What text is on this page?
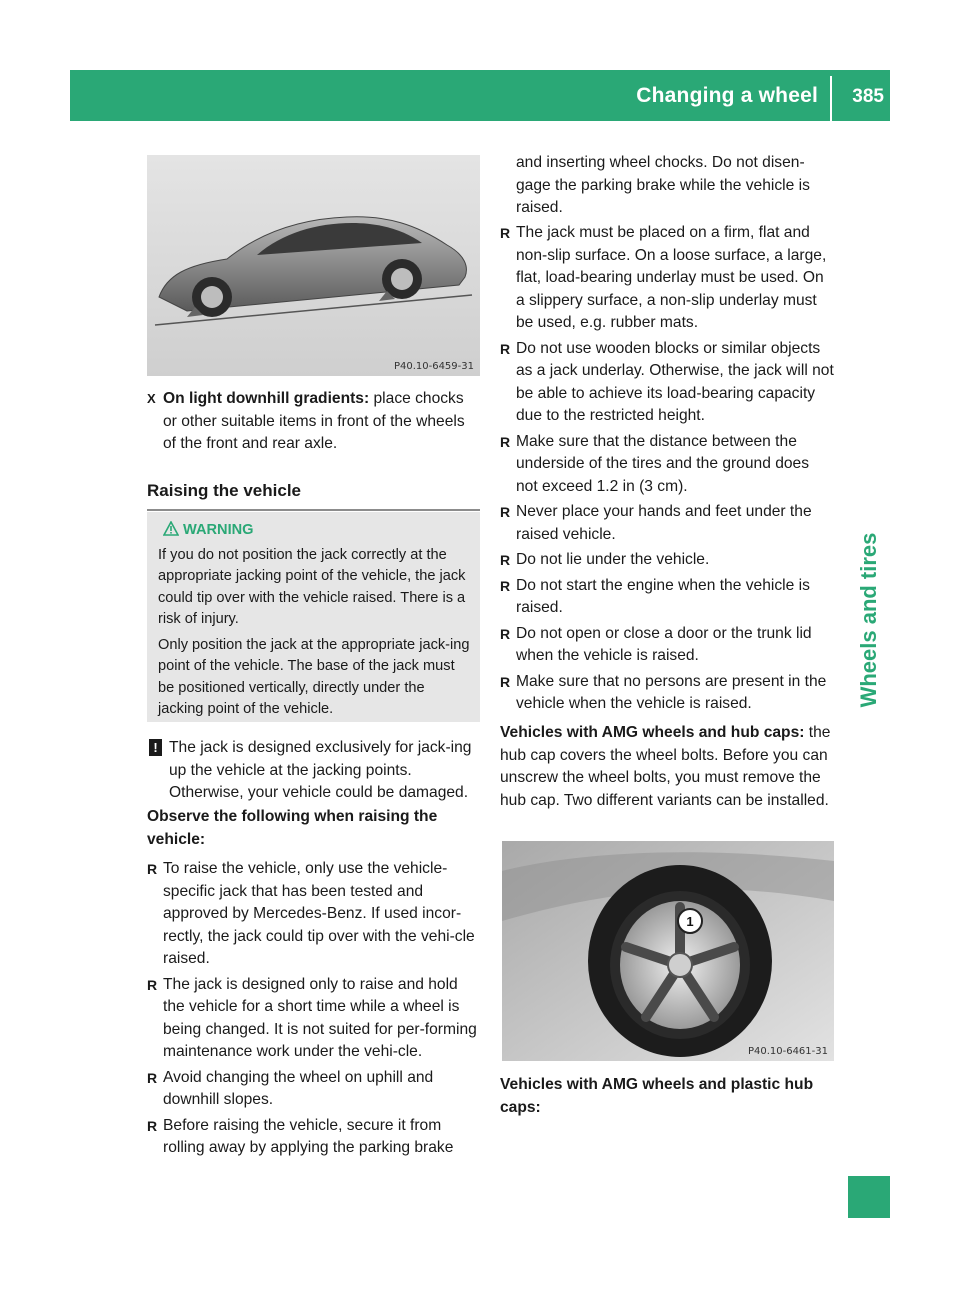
Changing a wheel 385
Wheels and tires
P40.10-6459-31
X On light downhill gradients: place chocks or other suitable items in front of the wheels of the front and rear axle.
Raising the vehicle
WARNING

If you do not position the jack correctly at the appropriate jacking point of the vehicle, the jack could tip over with the vehicle raised. There is a risk of injury.

Only position the jack at the appropriate jack-ing point of the vehicle. The base of the jack must be positioned vertically, directly under the jacking point of the vehicle.

! The jack is designed exclusively for jack-ing up the vehicle at the jacking points. Otherwise, your vehicle could be damaged.
Observe the following when raising the vehicle:
R To raise the vehicle, only use the vehicle-specific jack that has been tested and approved by Mercedes-Benz. If used incor-rectly, the jack could tip over with the vehi-cle raised.
R The jack is designed only to raise and hold the vehicle for a short time while a wheel is being changed. It is not suited for per-forming maintenance work under the vehi-cle.
R Avoid changing the wheel on uphill and downhill slopes.
R Before raising the vehicle, secure it from rolling away by applying the parking brake
and inserting wheel chocks. Do not disen-gage the parking brake while the vehicle is raised.
R The jack must be placed on a firm, flat and non-slip surface. On a loose surface, a large, flat, load-bearing underlay must be used. On a slippery surface, a non-slip underlay must be used, e.g. rubber mats.
R Do not use wooden blocks or similar objects as a jack underlay. Otherwise, the jack will not be able to achieve its load-bearing capacity due to the restricted height.
R Make sure that the distance between the underside of the tires and the ground does not exceed 1.2 in (3 cm).
R Never place your hands and feet under the raised vehicle.
R Do not lie under the vehicle.
R Do not start the engine when the vehicle is raised.
R Do not open or close a door or the trunk lid when the vehicle is raised.
R Make sure that no persons are present in the vehicle when the vehicle is raised.
Vehicles with AMG wheels and hub caps: the hub cap covers the wheel bolts. Before you can unscrew the wheel bolts, you must remove the hub cap. Two different variants can be installed.
1
P40.10-6461-31
Vehicles with AMG wheels and plastic hub caps:
